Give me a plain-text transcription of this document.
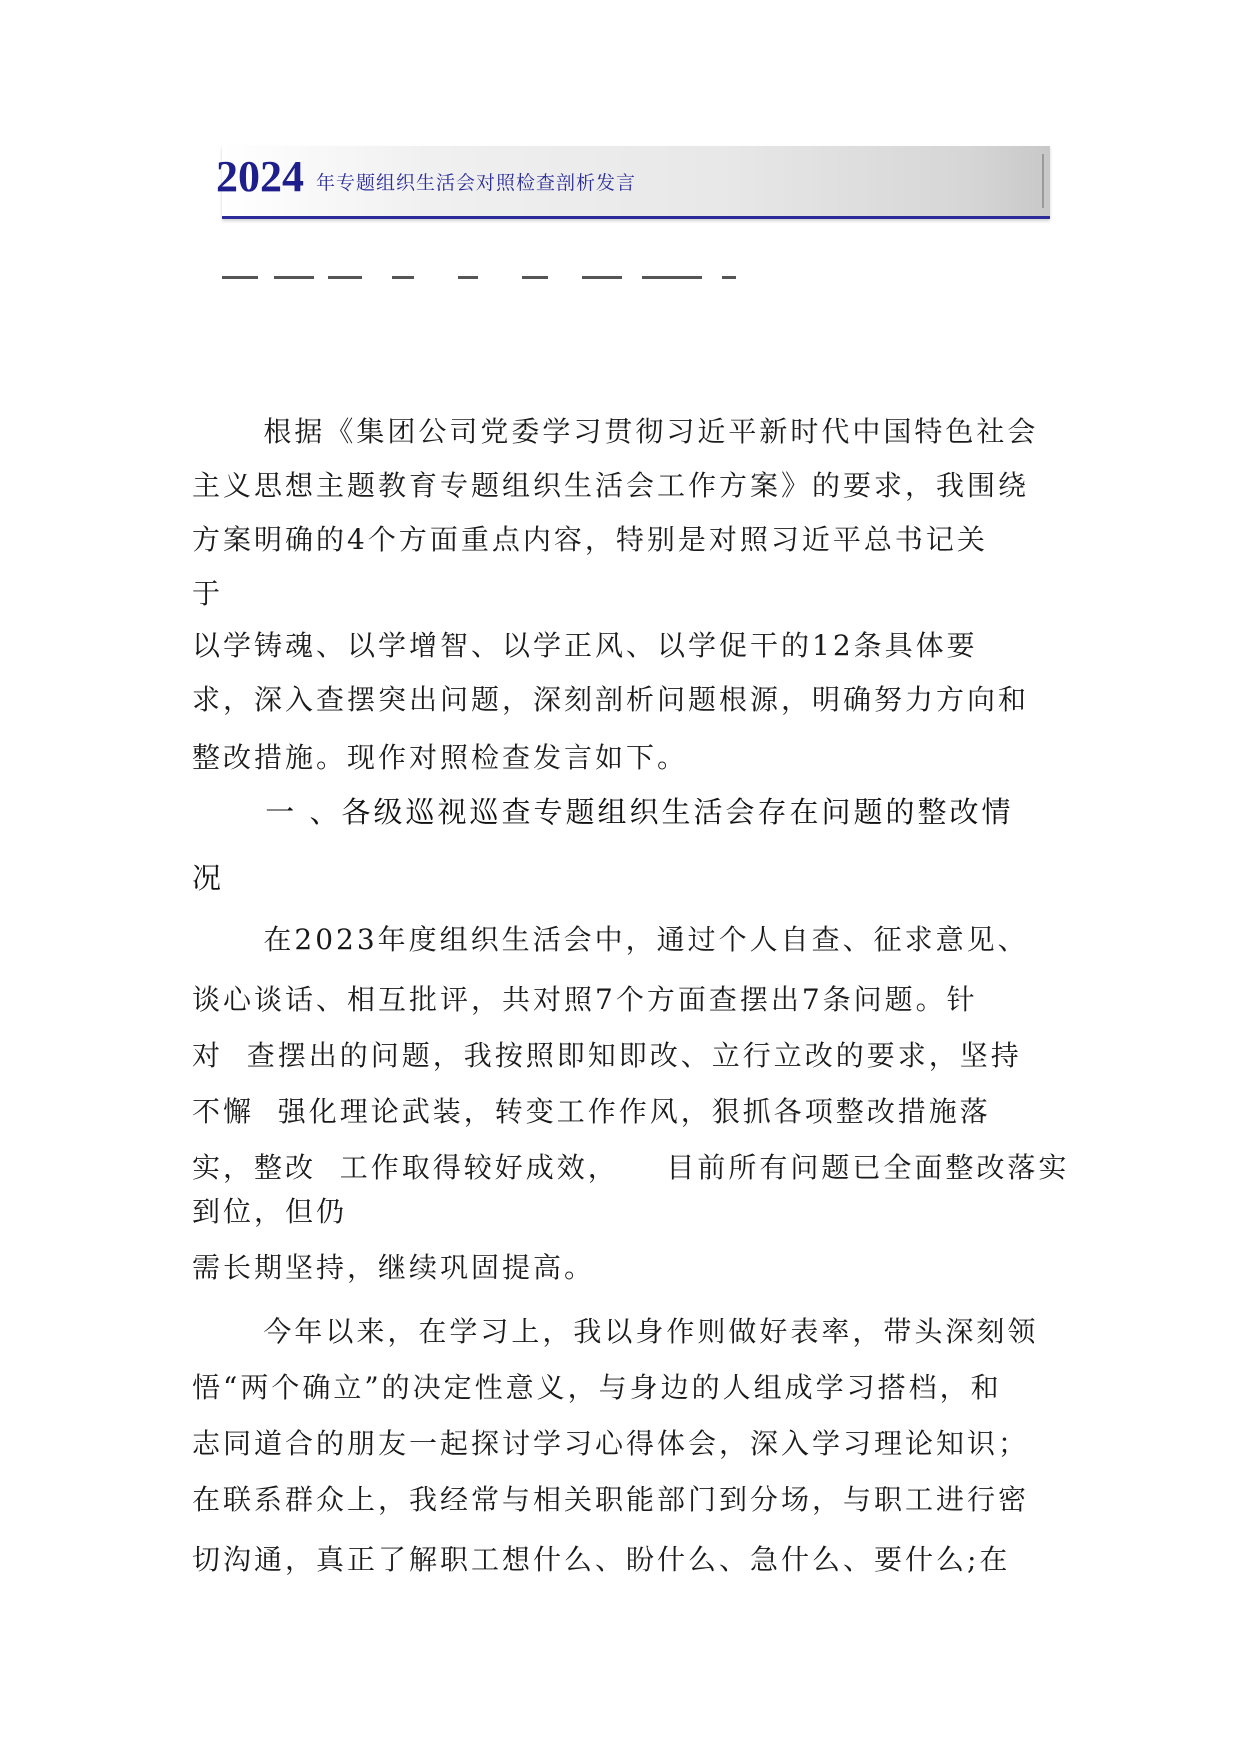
2024 年专题组织生活会对照检查剖析发言
根据《集团公司党委学习贯彻习近平新时代中国特色社会
主义思想主题教育专题组织生活会工作方案》的要求，我围绕
方案明确的4个方面重点内容，特别是对照习近平总书记关
于
以学铸魂、以学增智、以学正风、以学促干的12条具体要
求，深入查摆突出问题，深刻剖析问题根源，明确努力方向和
整改措施。现作对照检查发言如下。
一 、各级巡视巡查专题组织生活会存在问题的整改情
况
在2023年度组织生活会中，通过个人自查、征求意见、
谈心谈话、相互批评，共对照7个方面查摆出7条问题。针
对  查摆出的问题，我按照即知即改、立行立改的要求，坚持
不懈  强化理论武装，转变工作作风，狠抓各项整改措施落
实，整改  工作取得较好成效，    目前所有问题已全面整改落实
到位，但仍
需长期坚持，继续巩固提高。
今年以来，在学习上，我以身作则做好表率，带头深刻领
悟“两个确立”的决定性意义，与身边的人组成学习搭档，和
志同道合的朋友一起探讨学习心得体会，深入学习理论知识；
在联系群众上，我经常与相关职能部门到分场，与职工进行密
切沟通，真正了解职工想什么、盼什么、急什么、要什么;在
